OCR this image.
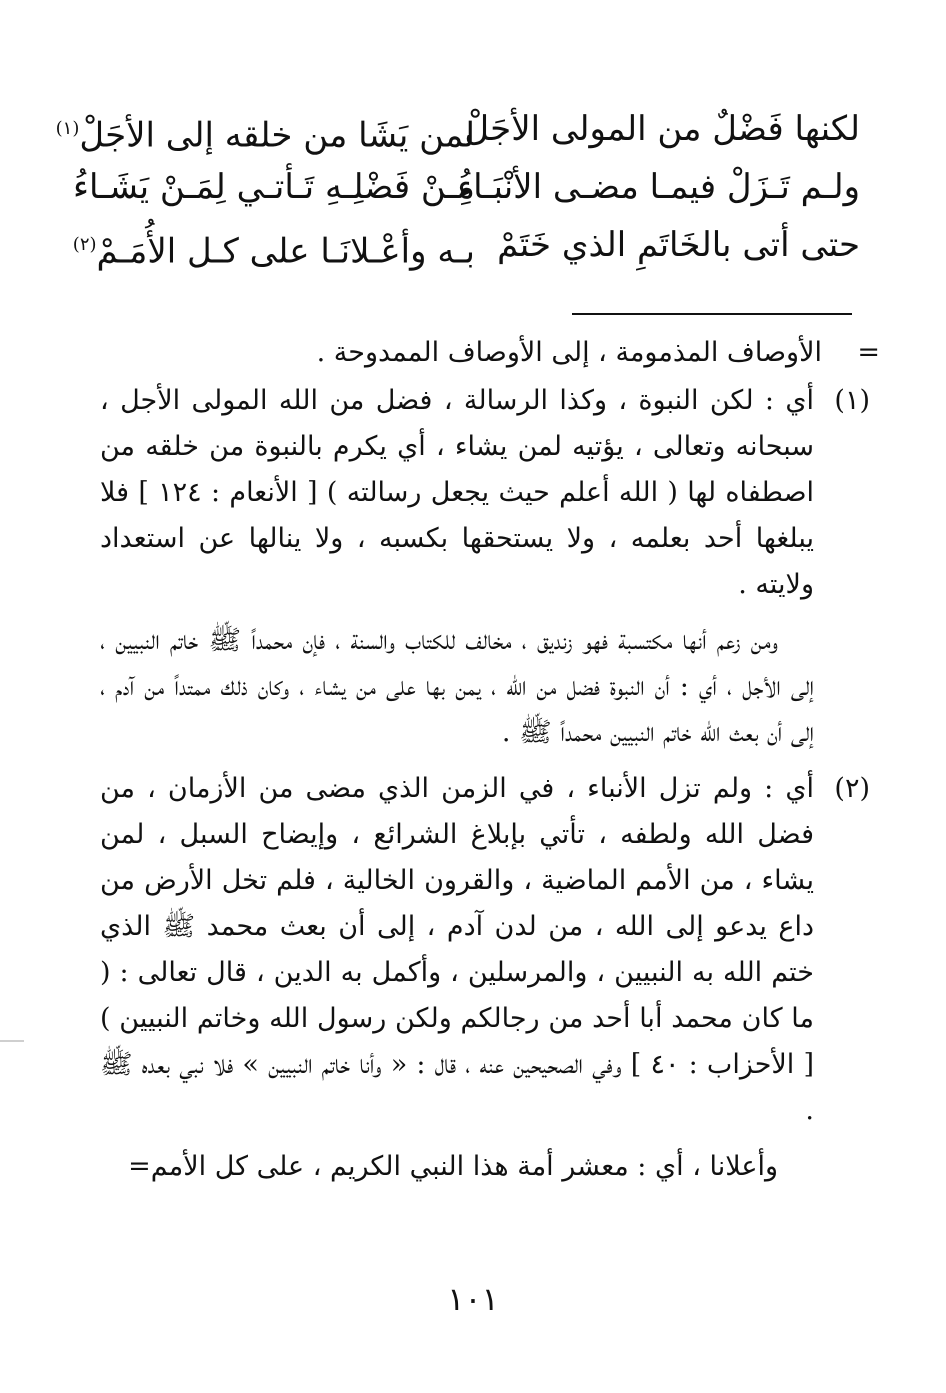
لكنها فَضْلٌ من المولى الأجَلْ
لمن يَشَا من خلقه إلى الأجَلْ$^{(١)}$
ولـم تَـزَلْ فيمـا مضـى الأنْبَـاءُ
مِـنْ فَضْلِـهِ تَـأتـي لِمَـنْ يَشَـاءُ
حتى أتى بالخَاتَمِ الذي خَتَمْ
بـه وأعْـلانَـا على كـل الأُمَـمْ$^{(٢)}$

=
الأوصاف المذمومة ، إلى الأوصاف الممدوحة .

(١)
أي : لكن النبوة ، وكذا الرسالة ، فضل من الله المولى الأجل ، سبحانه وتعالى ، يؤتيه لمن يشاء ، أي يكرم بالنبوة من خلقه من اصطفاه لها ( الله أعلم حيث يجعل رسالته ) [ الأنعام : ١٢٤ ] فلا يبلغها أحد بعلمه ، ولا يستحقها بكسبه ، ولا ينالها عن استعداد ولايته .

ومن زعم أنها مكتسبة فهو زنديق ، مخالف للكتاب والسنة ، فإن محمداً ﷺ خاتم النبيين ، إلى الأجل ، أي : أن النبوة فضل من الله ، يمن بها على من يشاء ، وكان ذلك ممتداً من آدم ، إلى أن بعث الله خاتم النبيين محمداً ﷺ .

(٢)
أي : ولم تزل الأنباء ، في الزمن الذي مضى من الأزمان ، من فضل الله ولطفه ، تأتي بإبلاغ الشرائع ، وإيضاح السبل ، لمن يشاء ، من الأمم الماضية ، والقرون الخالية ، فلم تخل الأرض من داع يدعو إلى الله ، من لدن آدم ، إلى أن بعث محمد ﷺ الذي ختم الله به النبيين ، والمرسلين ، وأكمل به الدين ، قال تعالى : ( ما كان محمد أبا أحد من رجالكم ولكن رسول الله وخاتم النبيين ) [ الأحزاب : ٤٠ ] وفي الصحيحين عنه ، قال : « وأنا خاتم النبيين » فلا نبي بعده ﷺ .

وأعلانا ، أي : معشر أمة هذا النبي الكريم ، على كل الأمم=

١٠١
